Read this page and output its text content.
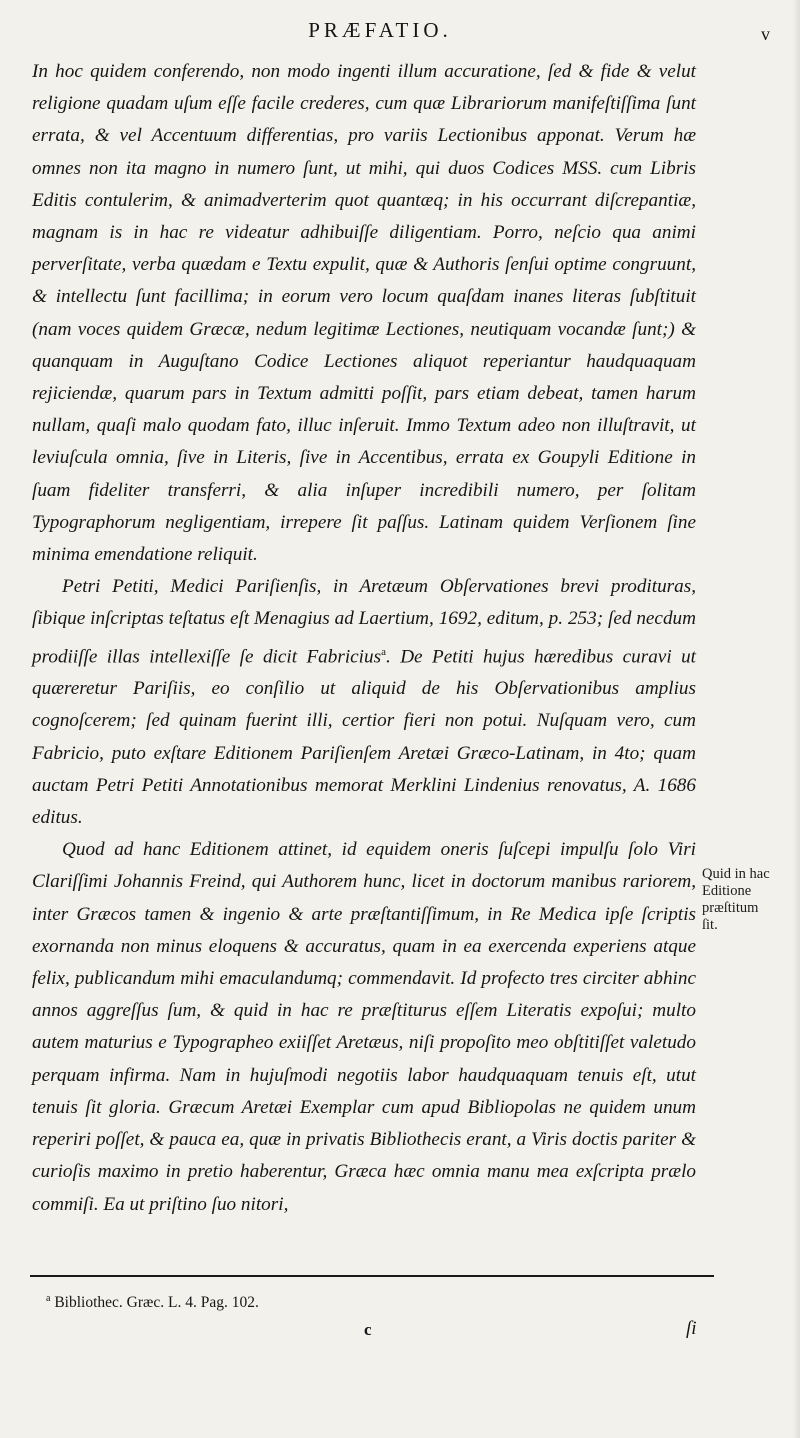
PRÆFATIO.	v

In hoc quidem conferendo, non modo ingenti illum accuratione, ſed & fide & velut religione quadam uſum eſſe facile crederes, cum quæ Librariorum manifeſtiſſima ſunt errata, & vel Accentuum differentias, pro variis Lectionibus apponat. Verum hæ omnes non ita magno in numero ſunt, ut mihi, qui duos Codices MSS. cum Libris Editis contulerim, & animadverterim quot quantæq; in his occurrant diſcrepantiæ, magnam is in hac re videatur adhibuiſſe diligentiam. Porro, neſcio qua animi perverſitate, verba quædam e Textu expulit, quæ & Authoris ſenſui optime congruunt, & intellectu ſunt facillima; in eorum vero locum quaſdam inanes literas ſubſtituit (nam voces quidem Græcæ, nedum legitimæ Lectiones, neutiquam vocandæ ſunt;) & quanquam in Auguſtano Codice Lectiones aliquot reperiantur haudquaquam rejiciendæ, quarum pars in Textum admitti poſſit, pars etiam debeat, tamen harum nullam, quaſi malo quodam fato, illuc inſeruit. Immo Textum adeo non illuſtravit, ut leviuſcula omnia, ſive in Literis, ſive in Accentibus, errata ex Goupyli Editione in ſuam fideliter transferri, & alia inſuper incredibili numero, per ſolitam Typographorum negligentiam, irrepere ſit paſſus. Latinam quidem Verſionem ſine minima emendatione reliquit.

Petri Petiti, Medici Pariſienſis, in Aretæum Obſervationes brevi prodituras, ſibique inſcriptas teſtatus eſt Menagius ad Laertium, 1692, editum, p. 253; ſed necdum prodiiſſe illas intellexiſſe ſe dicit Fabricius$^a$. De Petiti hujus hæredibus curavi ut quæreretur Pariſiis, eo conſilio ut aliquid de his Obſervationibus amplius cognoſcerem; ſed quinam fuerint illi, certior fieri non potui. Nuſquam vero, cum Fabricio, puto exſtare Editionem Pariſienſem Aretæi Græco-Latinam, in 4to; quam auctam Petri Petiti Annotationibus memorat Merklini Lindenius renovatus, A. 1686 editus.

Quod ad hanc Editionem attinet, id equidem oneris ſuſcepi impulſu ſolo Viri Clariſſimi Johannis Freind, qui Authorem hunc, licet in doctorum manibus rariorem, inter Græcos tamen & ingenio & arte præſtantiſſimum, in Re Medica ipſe ſcriptis exornanda non minus eloquens & accuratus, quam in ea exercenda experiens atque felix, publicandum mihi emaculandumq; commendavit. Id profecto tres circiter abhinc annos aggreſſus ſum, & quid in hac re præſtiturus eſſem Literatis expoſui; multo autem maturius e Typographeo exiiſſet Aretæus, niſi propoſito meo obſtitiſſet valetudo perquam infirma. Nam in hujuſmodi negotiis labor haudquaquam tenuis eſt, utut tenuis ſit gloria. Græcum Aretæi Exemplar cum apud Bibliopolas ne quidem unum reperiri poſſet, & pauca ea, quæ in privatis Bibliothecis erant, a Viris doctis pariter & curioſis maximo in pretio haberentur, Græca hæc omnia manu mea exſcripta prælo commiſi. Ea ut priſtino ſuo nitori,

Quid in hac Editione præſtitum ſit.
$^a$ Bibliothec. Græc. L. 4. Pag. 102.
c	ſi
